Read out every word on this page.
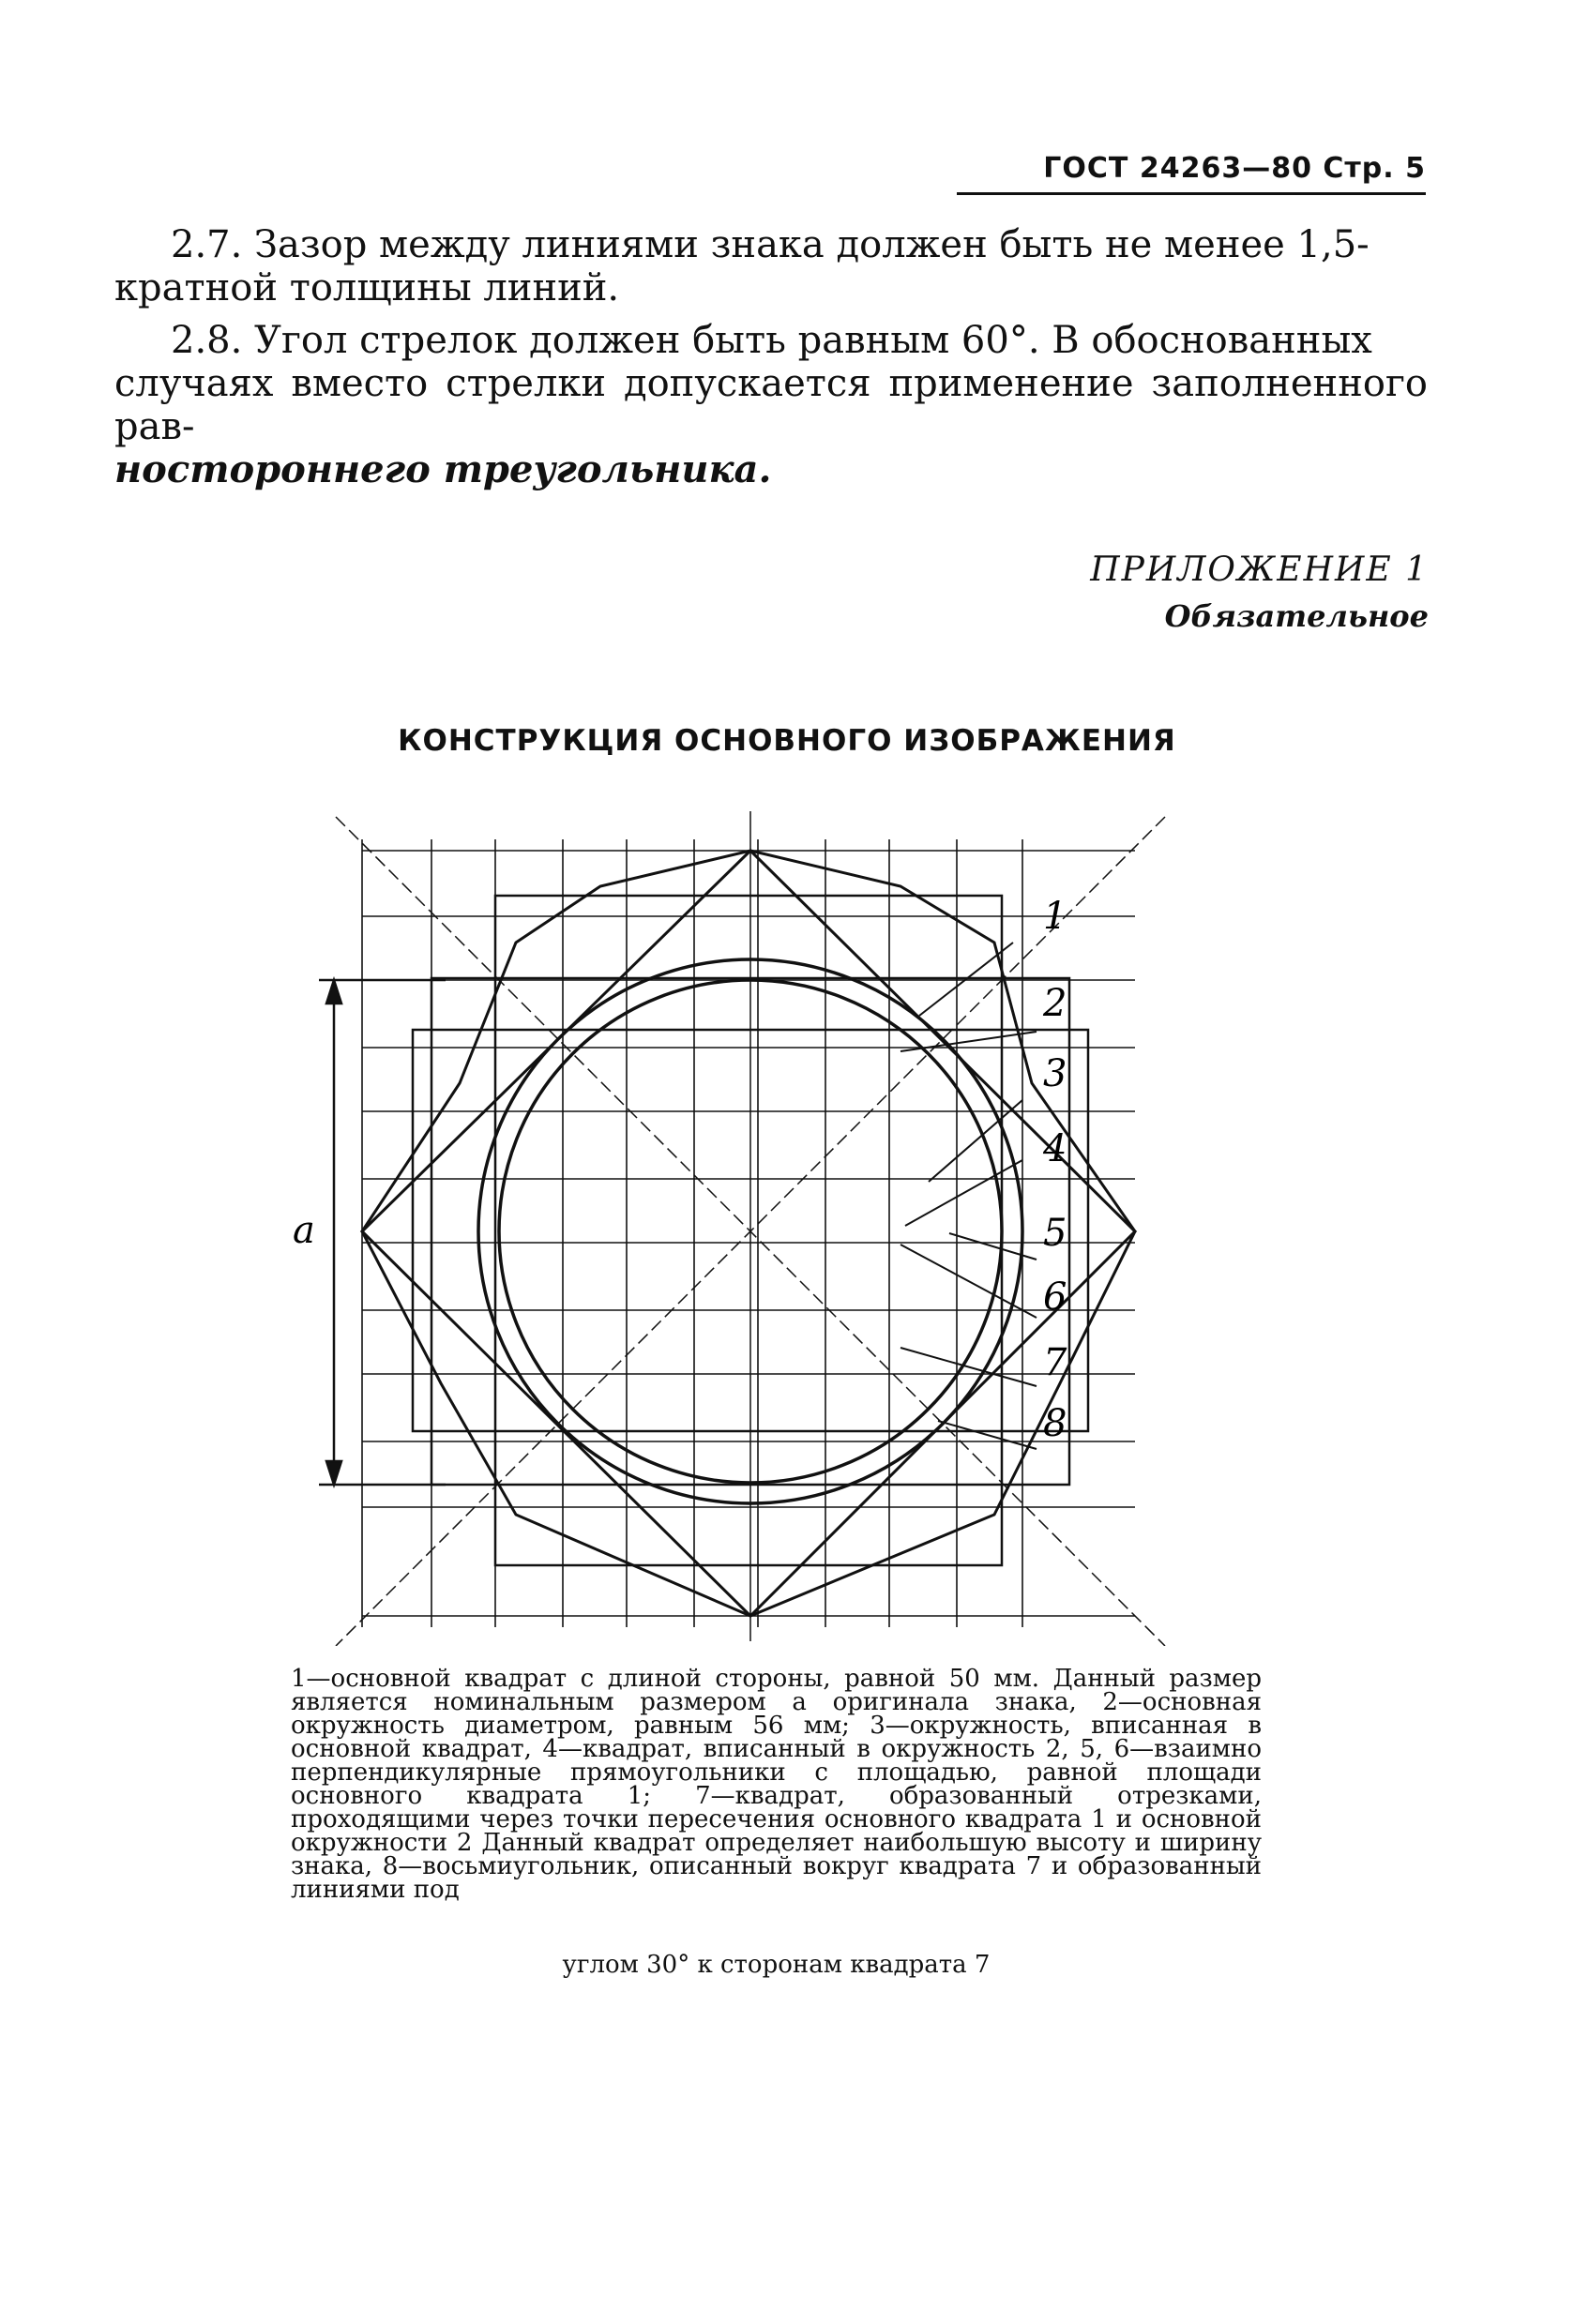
ГОСТ 24263—80 Стр. 5
2.7. Зазор между линиями знака должен быть не менее 1,5-
кратной толщины линий.
2.8. Угол стрелок должен быть равным 60°. В обоснованных
случаях вместо стрелки допускается применение заполненного рав-
ностороннего треугольника.
ПРИЛОЖЕНИЕ 1
Обязательное
КОНСТРУКЦИЯ ОСНОВНОГО ИЗОБРАЖЕНИЯ
a
1
2
3
4
5
6
7
8
1—основной квадрат с длиной стороны, равной 50 мм. Данный размер является номинальным размером a оригинала знака, 2—основная окружность диаметром, равным 56 мм; 3—окружность, вписанная в основной квадрат, 4—квадрат, вписанный в окружность 2, 5, 6—взаимно перпендикулярные прямоугольники с площадью, равной площади основного квадрата 1; 7—квадрат, образованный отрезками, проходящими через точки пересечения основного квадрата 1 и основной окружности 2 Данный квадрат определяет наибольшую высоту и ширину знака, 8—восьмиугольник, описанный вокруг квадрата 7 и образованный линиями под
углом 30° к сторонам квадрата 7
